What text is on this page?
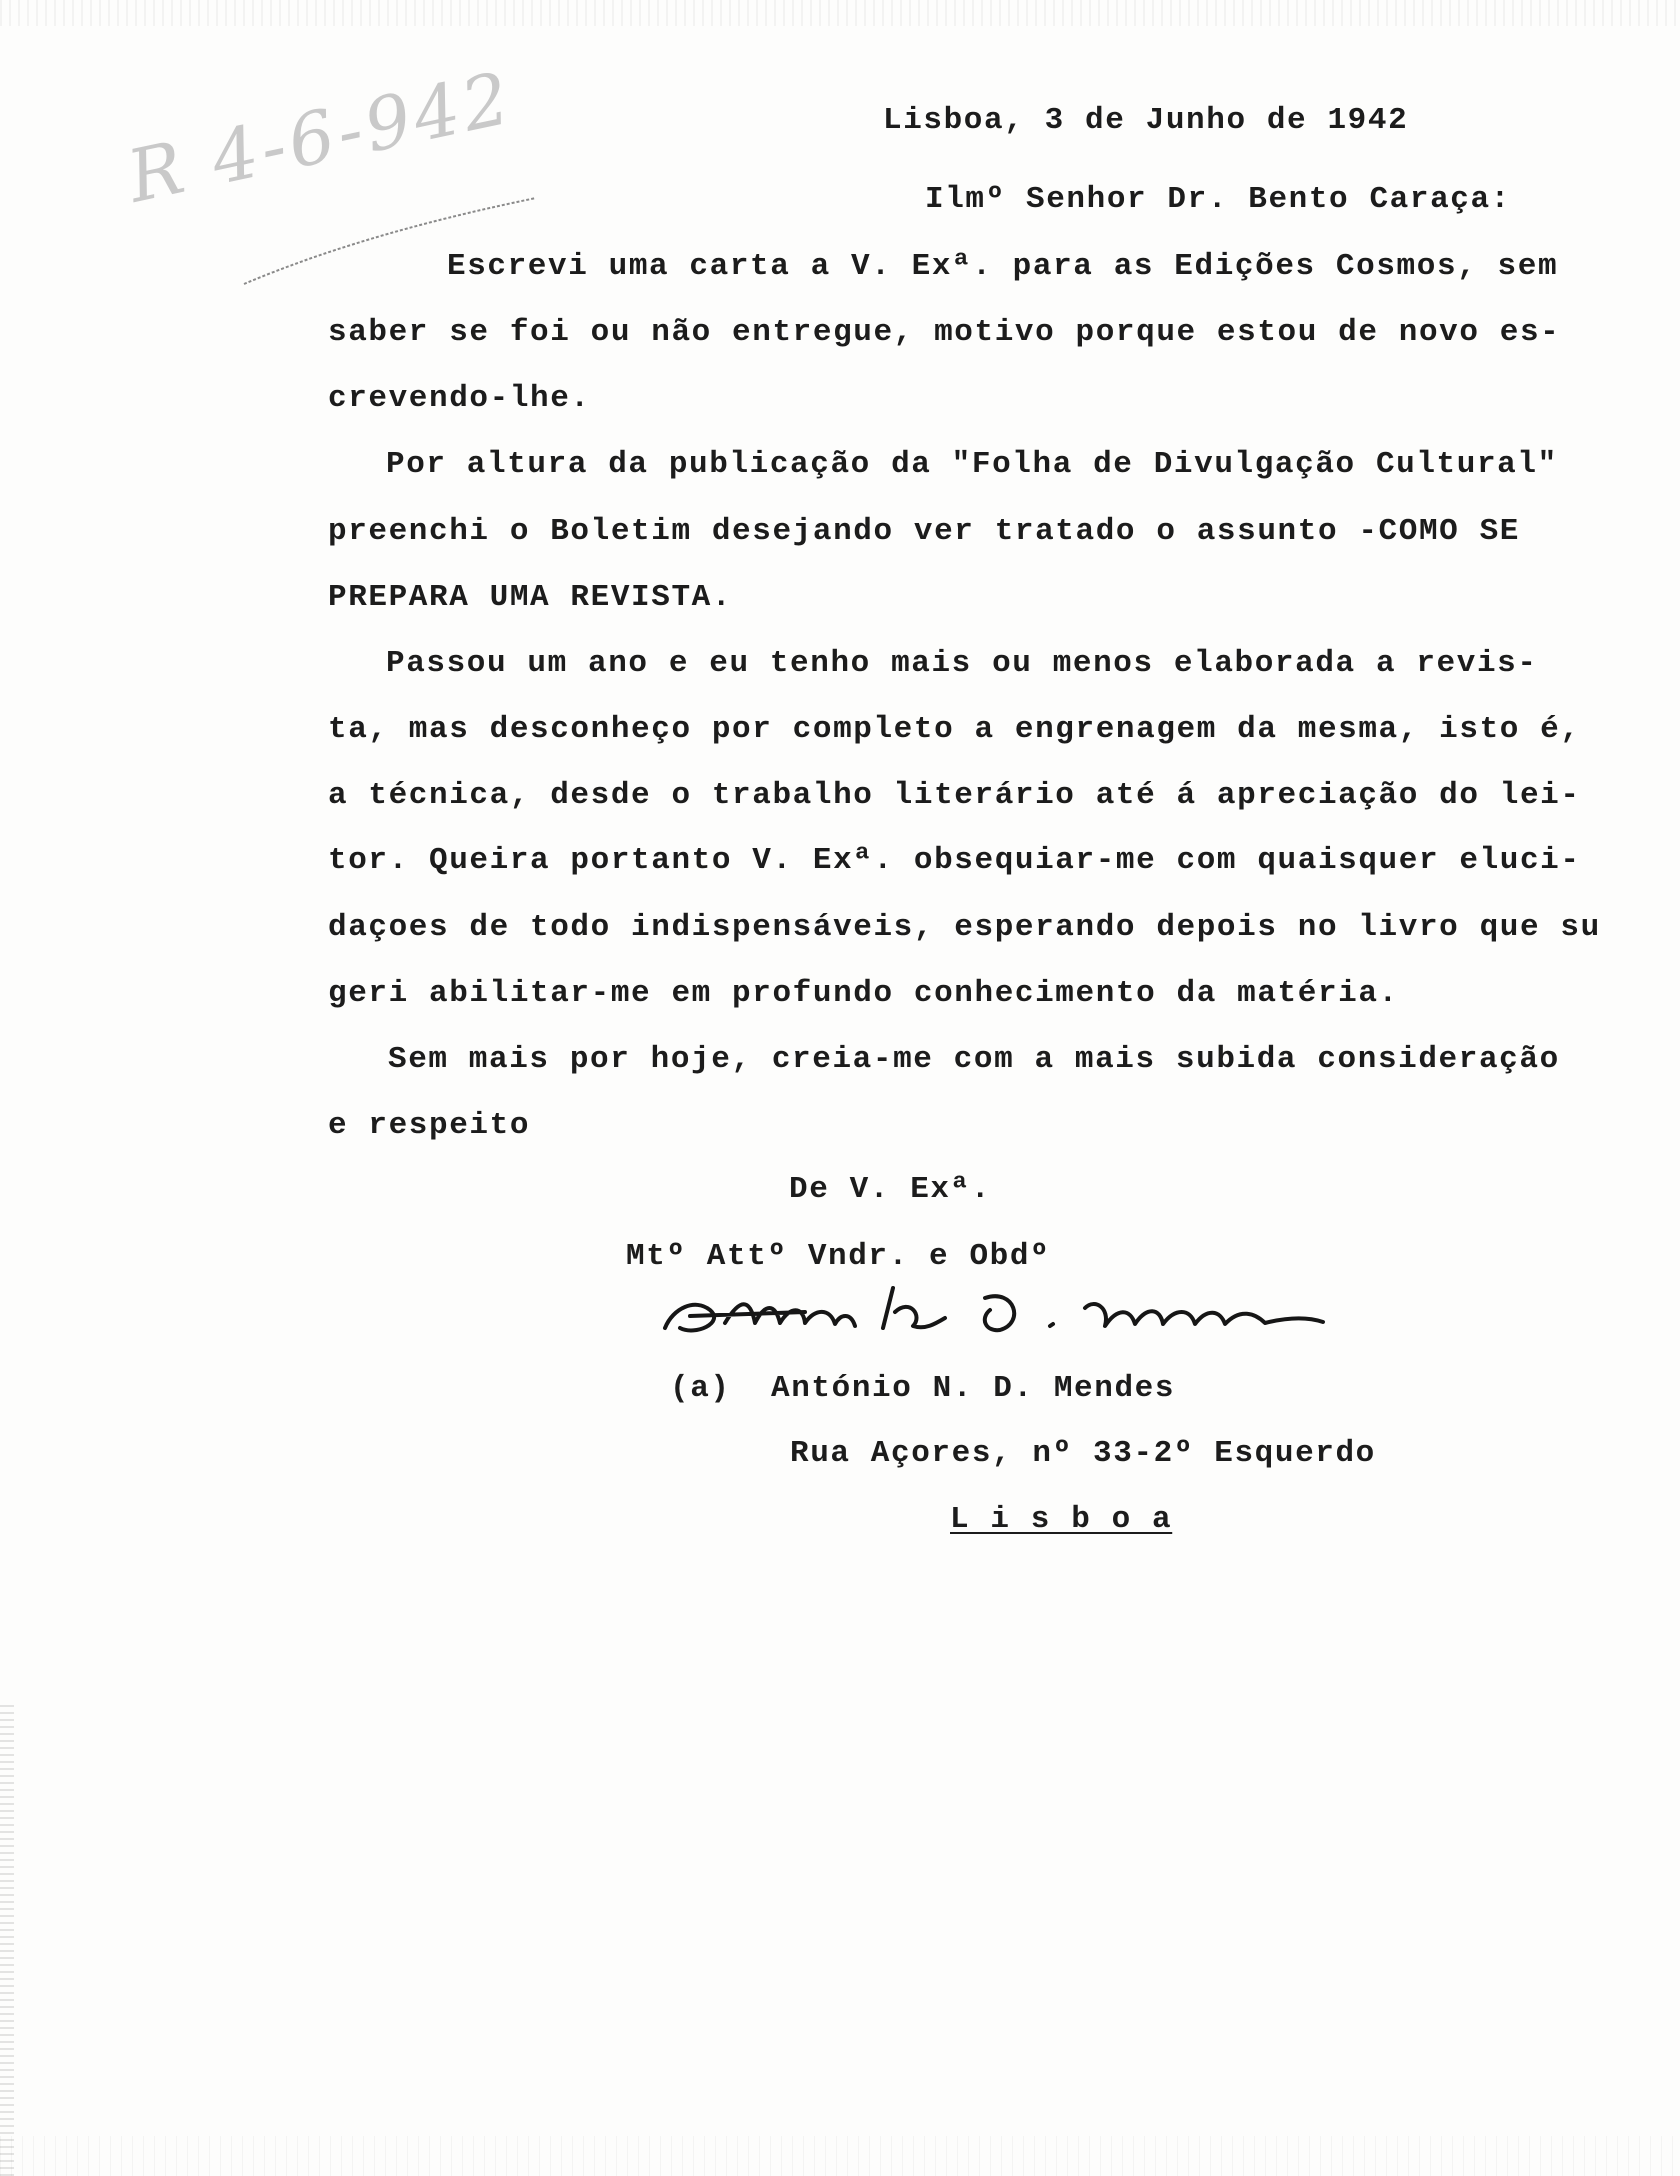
R 4-6-942	Lisboa, 3 de Junho de 1942
Ilmº Senhor Dr. Bento Caraça:
Escrevi uma carta a V. Exª. para as Edições Cosmos, sem
saber se foi ou não entregue, motivo porque estou de novo es-
crevendo-lhe.
Por altura da publicação da "Folha de Divulgação Cultural"
preenchi o Boletim desejando ver tratado o assunto -COMO SE
PREPARA UMA REVISTA.
Passou um ano e eu tenho mais ou menos elaborada a revis-
ta, mas desconheço por completo a engrenagem da mesma, isto é,
a técnica, desde o trabalho literário até á apreciação do lei-
tor. Queira portanto V. Exª. obsequiar-me com quaisquer eluci-
daçoes de todo indispensáveis, esperando depois no livro que su
geri abilitar-me em profundo conhecimento da matéria.
Sem mais por hoje, creia-me com a mais subida consideração
e respeito
De V. Exª.
Mtº Attº Vndr. e Obdº
(a)  António N. D. Mendes
Rua Açores, nº 33-2º Esquerdo
L i s b o a
